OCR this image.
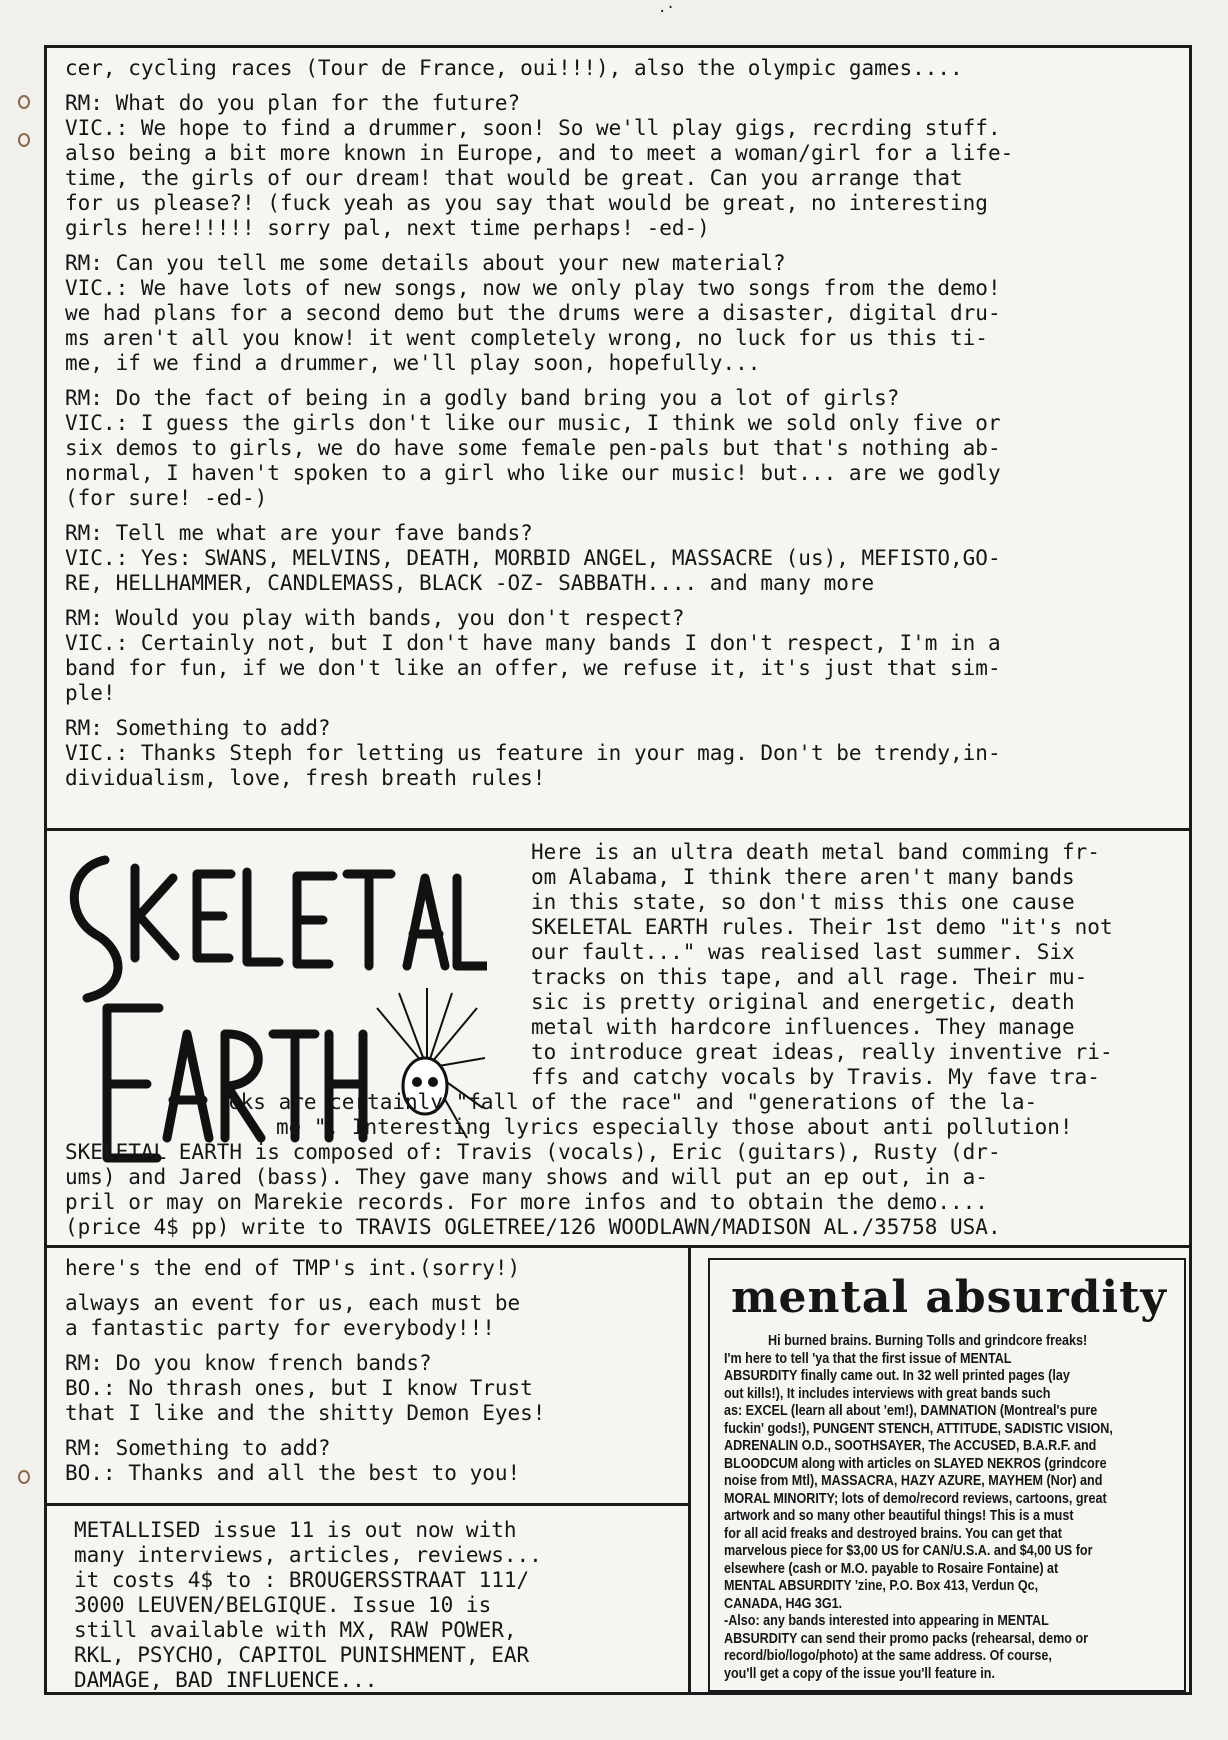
.·

cer, cycling races (Tour de France, oui!!!), also the olympic games....

RM: What do you plan for the future?
VIC.: We hope to find a drummer, soon! So we'll play gigs, recrding stuff.
also being a bit more known in Europe, and to meet a woman/girl for a life-
time, the girls of our dream! that would be great. Can you arrange that
for us please?! (fuck yeah as you say that would be great, no interesting
girls here!!!!! sorry pal, next time perhaps! -ed-)

RM: Can you tell me some details about your new material?
VIC.: We have lots of new songs, now we only play two songs from the demo!
we had plans for a second demo but the drums were a disaster, digital dru-
ms aren't all you know! it went completely wrong, no luck for us this ti-
me, if we find a drummer, we'll play soon, hopefully...

RM: Do the fact of being in a godly band bring you a lot of girls?
VIC.: I guess the girls don't like our music, I think we sold only five or
six demos to girls, we do have some female pen-pals but that's nothing ab-
normal, I haven't spoken to a girl who like our music! but... are we godly
(for sure! -ed-)

RM: Tell me what are your fave bands?
VIC.: Yes: SWANS, MELVINS, DEATH, MORBID ANGEL, MASSACRE (us), MEFISTO,GO-
RE, HELLHAMMER, CANDLEMASS, BLACK -OZ- SABBATH.... and many more

RM: Would you play with bands, you don't respect?
VIC.: Certainly not, but I don't have many bands I don't respect, I'm in a
band for fun, if we don't like an offer, we refuse it, it's just that sim-
ple!

RM: Something to add?
VIC.: Thanks Steph for letting us feature in your mag. Don't be trendy,in-
dividualism, love, fresh breath rules!

SKELETAL EARTH
Here is an ultra death metal band comming fr-
om Alabama, I think there aren't many bands
in this state, so don't miss this one cause
SKELETAL EARTH rules. Their 1st demo "it's not
our fault..." was realised last summer. Six
tracks on this tape, and all rage. Their mu-
sic is pretty original and energetic, death
metal with hardcore influences. They manage
to introduce great ideas, really inventive ri-
ffs and catchy vocals by Travis. My fave tra-
cks are certainly "fall of the race" and "generations of the la-
me ". Interesting lyrics especially those about anti pollution!
SKELETAL EARTH is composed of: Travis (vocals), Eric (guitars), Rusty (dr-
ums) and Jared (bass). They gave many shows and will put an ep out, in a-
pril or may on Marekie records. For more infos and to obtain the demo....
(price 4$ pp) write to TRAVIS OGLETREE/126 WOODLAWN/MADISON AL./35758 USA.

here's the end of TMP's int.(sorry!)

always an event for us, each must be
a fantastic party for everybody!!!

RM: Do you know french bands?
BO.: No thrash ones, but I know Trust
that I like and the shitty Demon Eyes!

RM: Something to add?
BO.: Thanks and all the best to you!

METALLISED issue 11 is out now with
many interviews, articles, reviews...
it costs 4$ to : BROUGERSSTRAAT 111/
3000 LEUVEN/BELGIQUE. Issue 10 is
still available with MX, RAW POWER,
RKL, PSYCHO, CAPITOL PUNISHMENT, EAR
DAMAGE, BAD INFLUENCE...
mental absurdity
Hi burned brains. Burning Tolls and grindcore freaks!
I'm here to tell 'ya that the first issue of MENTAL
ABSURDITY finally came out. In 32 well printed pages (lay
out kills!), It includes interviews with great bands such
as: EXCEL (learn all about 'em!), DAMNATION (Montreal's pure
fuckin' gods!), PUNGENT STENCH, ATTITUDE, SADISTIC VISION,
ADRENALIN O.D., SOOTHSAYER, The ACCUSED, B.A.R.F. and
BLOODCUM along with articles on SLAYED NEKROS (grindcore
noise from Mtl), MASSACRA, HAZY AZURE, MAYHEM (Nor) and
MORAL MINORITY; lots of demo/record reviews, cartoons, great
artwork and so many other beautiful things! This is a must
for all acid freaks and destroyed brains. You can get that
marvelous piece for $3,00 US for CAN/U.S.A. and $4,00 US for
elsewhere (cash or M.O. payable to Rosaire Fontaine) at
MENTAL ABSURDITY 'zine, P.O. Box 413, Verdun Qc,
CANADA, H4G 3G1.
-Also: any bands interested into appearing in MENTAL
ABSURDITY can send their promo packs (rehearsal, demo or
record/bio/logo/photo) at the same address. Of course,
you'll get a copy of the issue you'll feature in.
